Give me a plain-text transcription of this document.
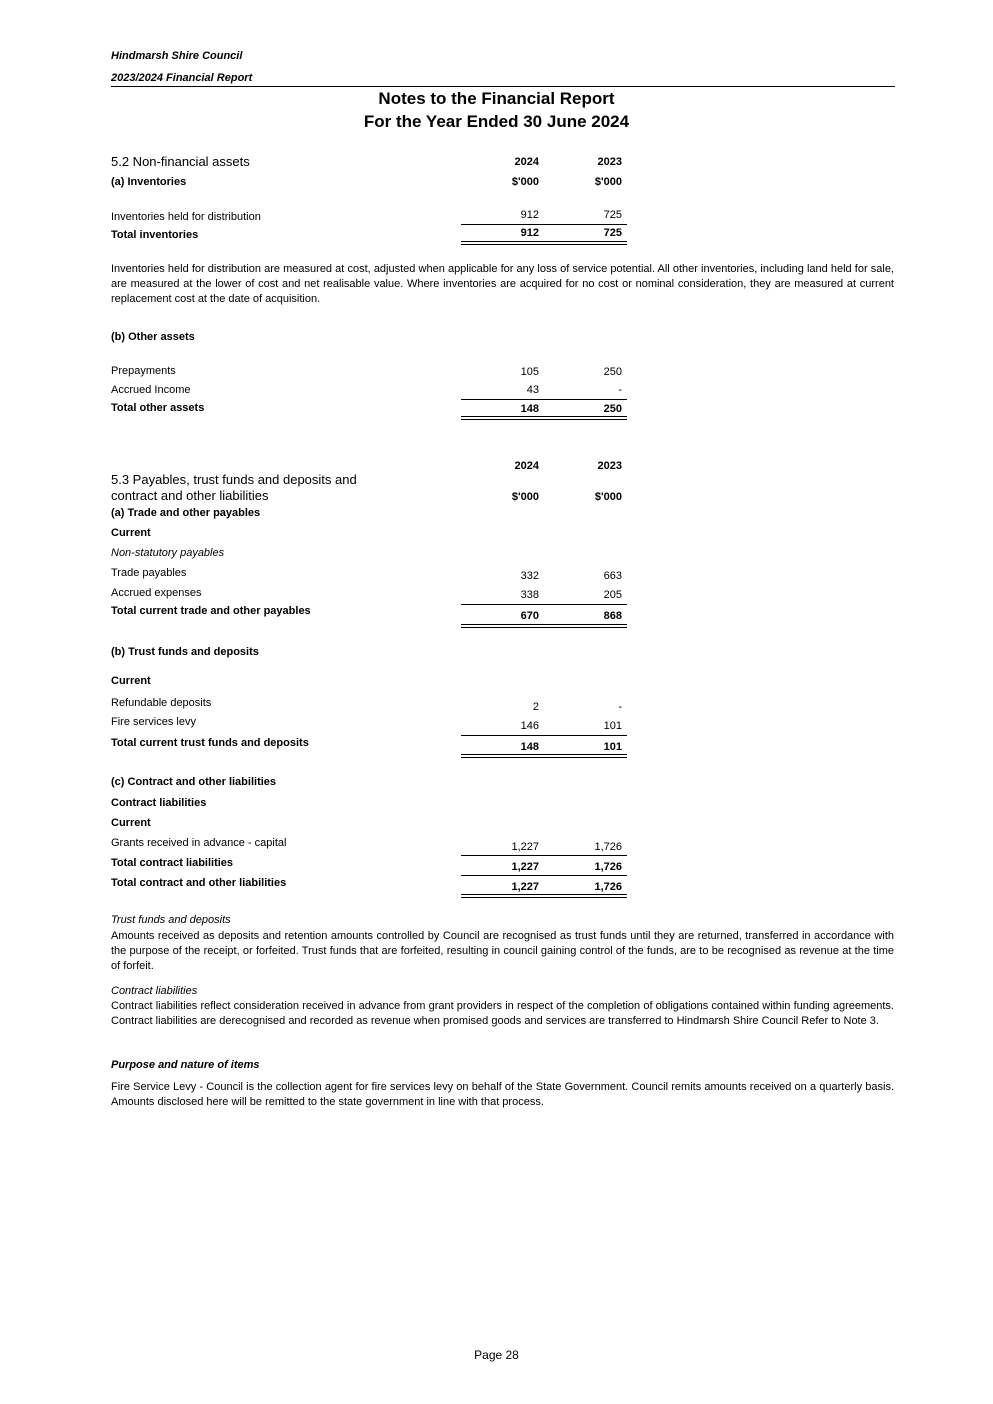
Hindmarsh Shire Council
2023/2024 Financial Report
Notes to the Financial Report
For the Year Ended 30 June 2024
5.2 Non-financial assets	2024	2023
(a) Inventories	$'000	$'000
Inventories held for distribution	912	725
Total inventories	912	725
Inventories held for distribution are measured at cost, adjusted when applicable for any loss of service potential. All other inventories, including land held for sale, are measured at the lower of cost and net realisable value. Where inventories are acquired for no cost or nominal consideration, they are measured at current replacement cost at the date of acquisition.
(b) Other assets
Prepayments	105	250
Accrued Income	43	-
Total other assets	148	250
2024	2023
5.3 Payables, trust funds and deposits and
contract and other liabilities	$'000	$'000
(a) Trade and other payables
Current
Non-statutory payables
Trade payables	332	663
Accrued expenses	338	205
Total current trade and other payables	670	868
(b) Trust funds and deposits
Current
Refundable deposits	2	-
Fire services levy	146	101
Total current trust funds and deposits	148	101
(c) Contract and other liabilities
Contract liabilities
Current
Grants received in advance - capital	1,227	1,726
Total contract liabilities	1,227	1,726
Total contract and other liabilities	1,227	1,726
Trust funds and deposits
Amounts received as deposits and retention amounts controlled by Council are recognised as trust funds until they are returned, transferred in accordance with the purpose of the receipt, or forfeited. Trust funds that are forfeited, resulting in council gaining control of the funds, are to be recognised as revenue at the time of forfeit.
Contract liabilities
Contract liabilities reflect consideration received in advance from grant providers in respect of the completion of obligations contained within funding agreements. Contract liabilities are derecognised and recorded as revenue when promised goods and services are transferred to Hindmarsh Shire Council Refer to Note 3.
Purpose and nature of items
Fire Service Levy - Council is the collection agent for fire services levy on behalf of the State Government. Council remits amounts received on a quarterly basis. Amounts disclosed here will be remitted to the state government in line with that process.
Page 28
